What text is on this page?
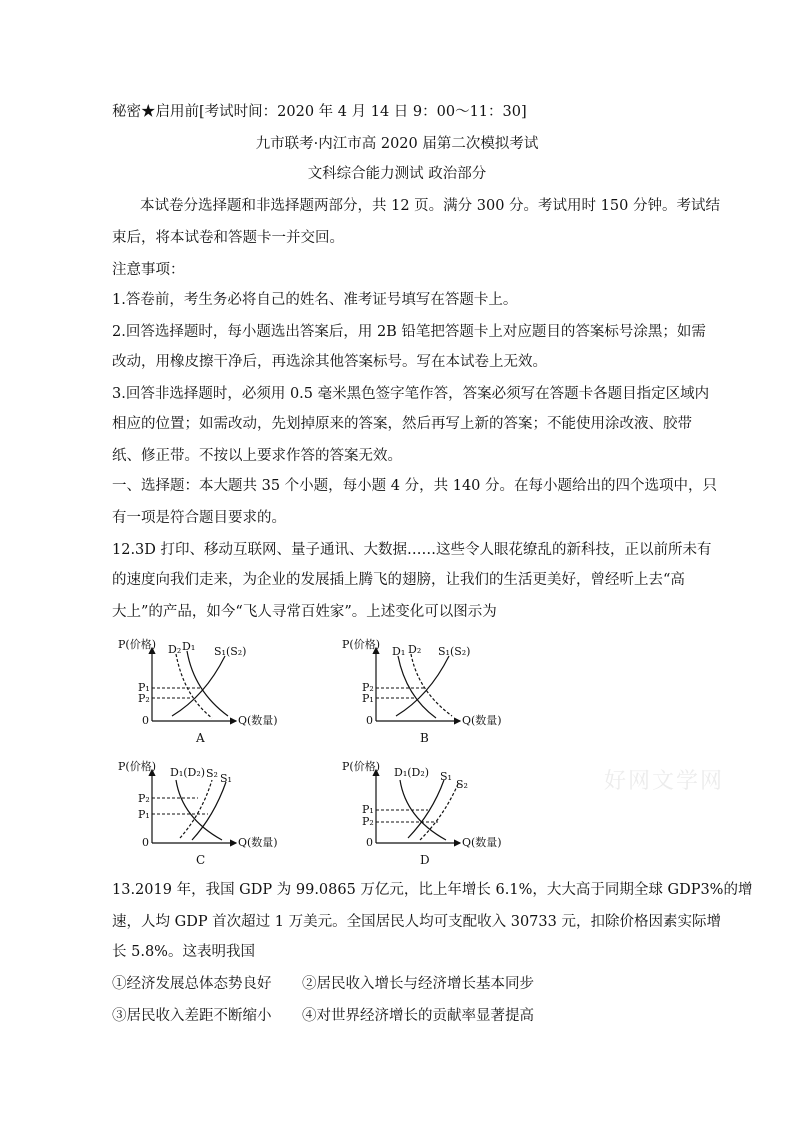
秘密★启用前[考试时间：2020 年 4 月 14 日 9：00～11：30]
九市联考·内江市高 2020 届第二次模拟考试
文科综合能力测试 政治部分
本试卷分选择题和非选择题两部分，共 12 页。满分 300 分。考试用时 150 分钟。考试结
束后，将本试卷和答题卡一并交回。
注意事项：
1.答卷前，考生务必将自己的姓名、准考证号填写在答题卡上。
2.回答选择题时，每小题选出答案后，用 2B 铅笔把答题卡上对应题目的答案标号涂黑；如需
改动，用橡皮擦干净后，再选涂其他答案标号。写在本试卷上无效。
3.回答非选择题时，必须用 0.5 毫米黑色签字笔作答，答案必须写在答题卡各题目指定区域内
相应的位置；如需改动，先划掉原来的答案，然后再写上新的答案；不能使用涂改液、胶带
纸、修正带。不按以上要求作答的答案无效。
一、选择题：本大题共 35 个小题，每小题 4 分，共 140 分。在每小题给出的四个选项中，只
有一项是符合题目要求的。
12.3D 打印、移动互联网、量子通讯、大数据……这些令人眼花缭乱的新科技，正以前所未有
的速度向我们走来，为企业的发展插上腾飞的翅膀，让我们的生活更美好，曾经听上去“高
大上”的产品，如今“飞人寻常百姓家”。上述变化可以图示为
P(价格)
Q(数量)
0
D₂ D₁ S₁(S₂)
P₁
P₂
A
P(价格)
Q(数量)
0
D₁ D₂ S₁(S₂)
P₂
P₁
B
P(价格)
Q(数量)
0
D₁(D₂) S₂ S₁
P₂
P₁
C
P(价格)
Q(数量)
0
D₁(D₂) S₁
S₂
P₁
P₂
D
好网文学网
13.2019 年，我国 GDP 为 99.0865 万亿元，比上年增长 6.1%，大大高于同期全球 GDP3%的增
速，人均 GDP 首次超过 1 万美元。全国居民人均可支配收入 30733 元，扣除价格因素实际增
长 5.8%。这表明我国
①经济发展总体态势良好 ②居民收入增长与经济增长基本同步
③居民收入差距不断缩小 ④对世界经济增长的贡献率显著提高
